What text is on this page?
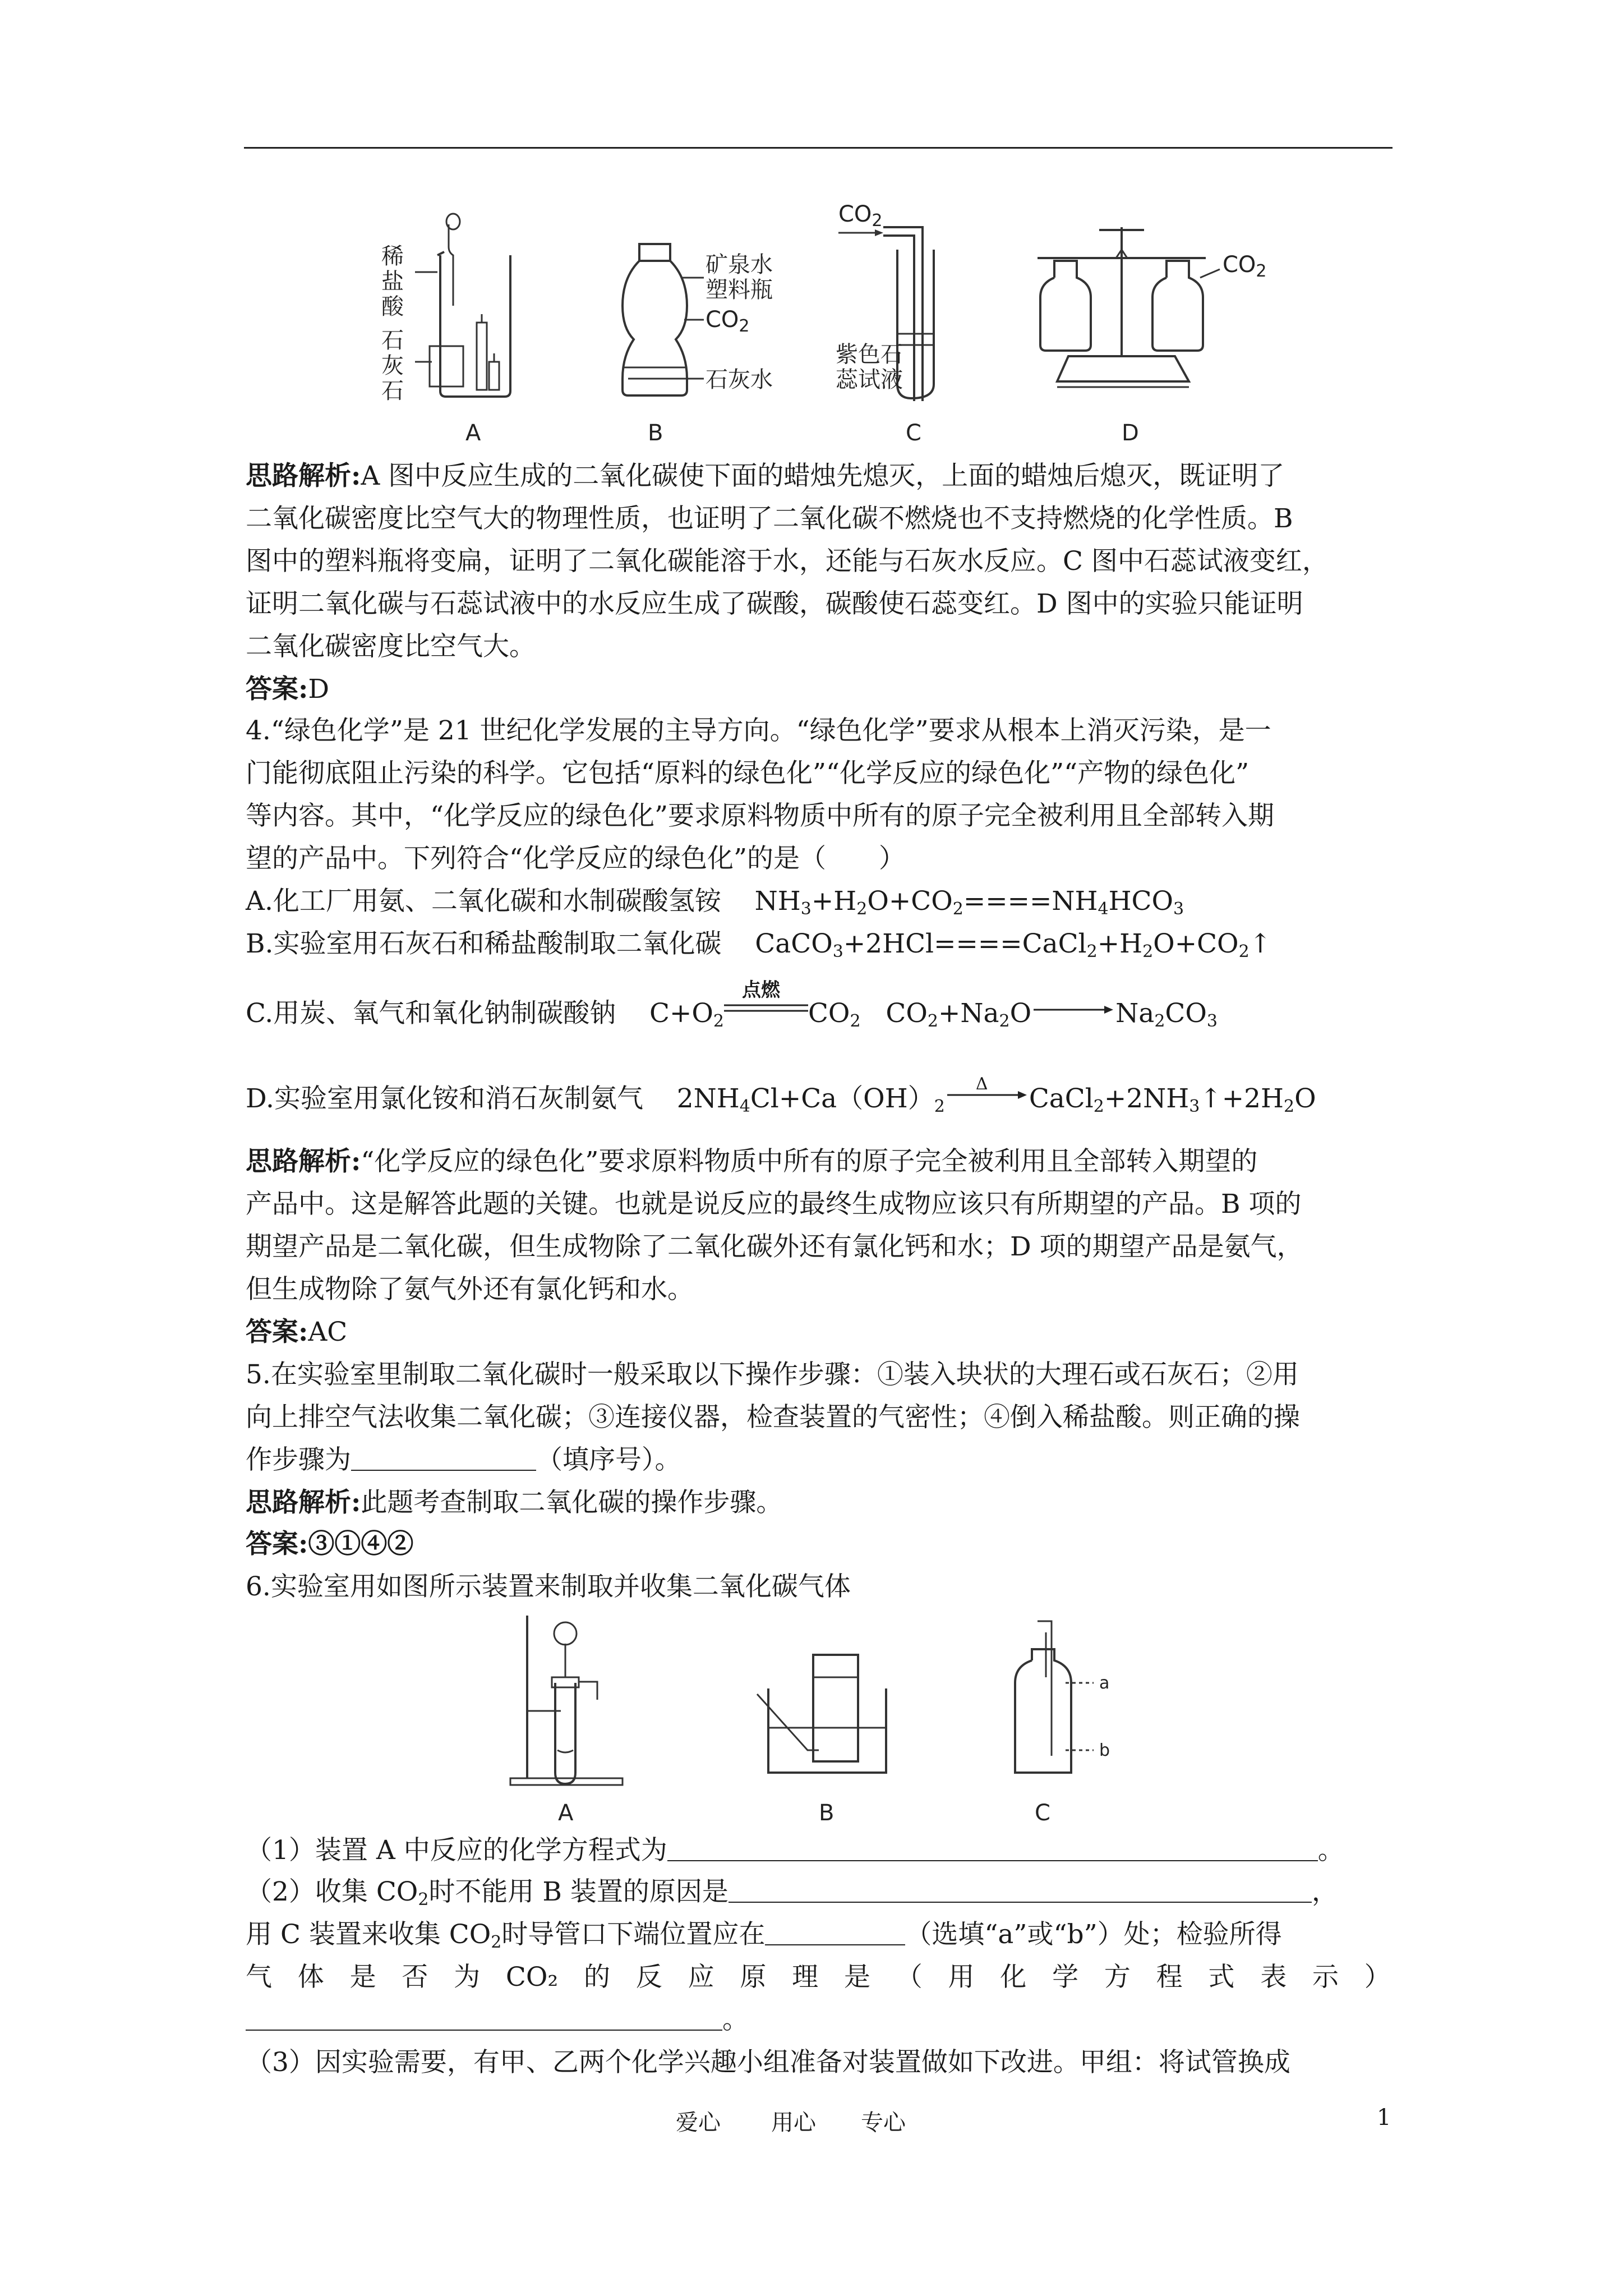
稀
盐
酸
石
灰
石
A
矿泉水
塑料瓶
$CO_2$
石灰水
B
$CO_2$
紫色石
蕊试液
C
$CO_2$
D
思路解析:A 图中反应生成的二氧化碳使下面的蜡烛先熄灭，上面的蜡烛后熄灭，既证明了
二氧化碳密度比空气大的物理性质，也证明了二氧化碳不燃烧也不支持燃烧的化学性质。B
图中的塑料瓶将变扁，证明了二氧化碳能溶于水，还能与石灰水反应。C 图中石蕊试液变红，
证明二氧化碳与石蕊试液中的水反应生成了碳酸，碳酸使石蕊变红。D 图中的实验只能证明
二氧化碳密度比空气大。
答案:D
4.“绿色化学”是 21 世纪化学发展的主导方向。“绿色化学”要求从根本上消灭污染，是一
门能彻底阻止污染的科学。它包括“原料的绿色化”“化学反应的绿色化”“产物的绿色化”
等内容。其中，“化学反应的绿色化”要求原料物质中所有的原子完全被利用且全部转入期
望的产品中。下列符合“化学反应的绿色化”的是（　　）
A.化工厂用氨、二氧化碳和水制碳酸氢铵    $NH_3+H_2O+CO_2====NH_4HCO_3$
B.实验室用石灰石和稀盐酸制取二氧化碳    $CaCO_3+2HCl====CaCl_2+H_2O+CO_2↑$
C.用炭、氧气和氧化钠制碳酸钠    $C+O_2$
点燃
$CO_2$   $CO_2+Na_2O$	$Na_2CO_3$
D.实验室用氯化铵和消石灰制氨气    $2NH_4Cl+Ca(OH)_2$
Δ $CaCl_2+2NH_3↑+2H_2O$
思路解析:“化学反应的绿色化”要求原料物质中所有的原子完全被利用且全部转入期望的
产品中。这是解答此题的关键。也就是说反应的最终生成物应该只有所期望的产品。B 项的
期望产品是二氧化碳，但生成物除了二氧化碳外还有氯化钙和水；D 项的期望产品是氨气，
但生成物除了氨气外还有氯化钙和水。
答案:AC
5.在实验室里制取二氧化碳时一般采取以下操作步骤：①装入块状的大理石或石灰石；②用
向上排空气法收集二氧化碳；③连接仪器，检查装置的气密性；④倒入稀盐酸。则正确的操
作步骤为	（填序号）。
思路解析:此题考查制取二氧化碳的操作步骤。
答案:③①④②
6.实验室用如图所示装置来制取并收集二氧化碳气体
A	B
a
b
C
（1）装置 A 中反应的化学方程式为	。
（2）收集 $CO_2$时不能用 B 装置的原因是	，
用 C 装置来收集 $CO_2$时导管口下端位置应在	（选填“a”或“b”）处；检验所得
气 体 是 否 为 CO₂ 的 反 应 原 理 是 （ 用 化 学 方 程 式 表 示 ）
。
（3）因实验需要，有甲、乙两个化学兴趣小组准备对装置做如下改进。甲组：将试管换成
爱心 用心 专心	1
